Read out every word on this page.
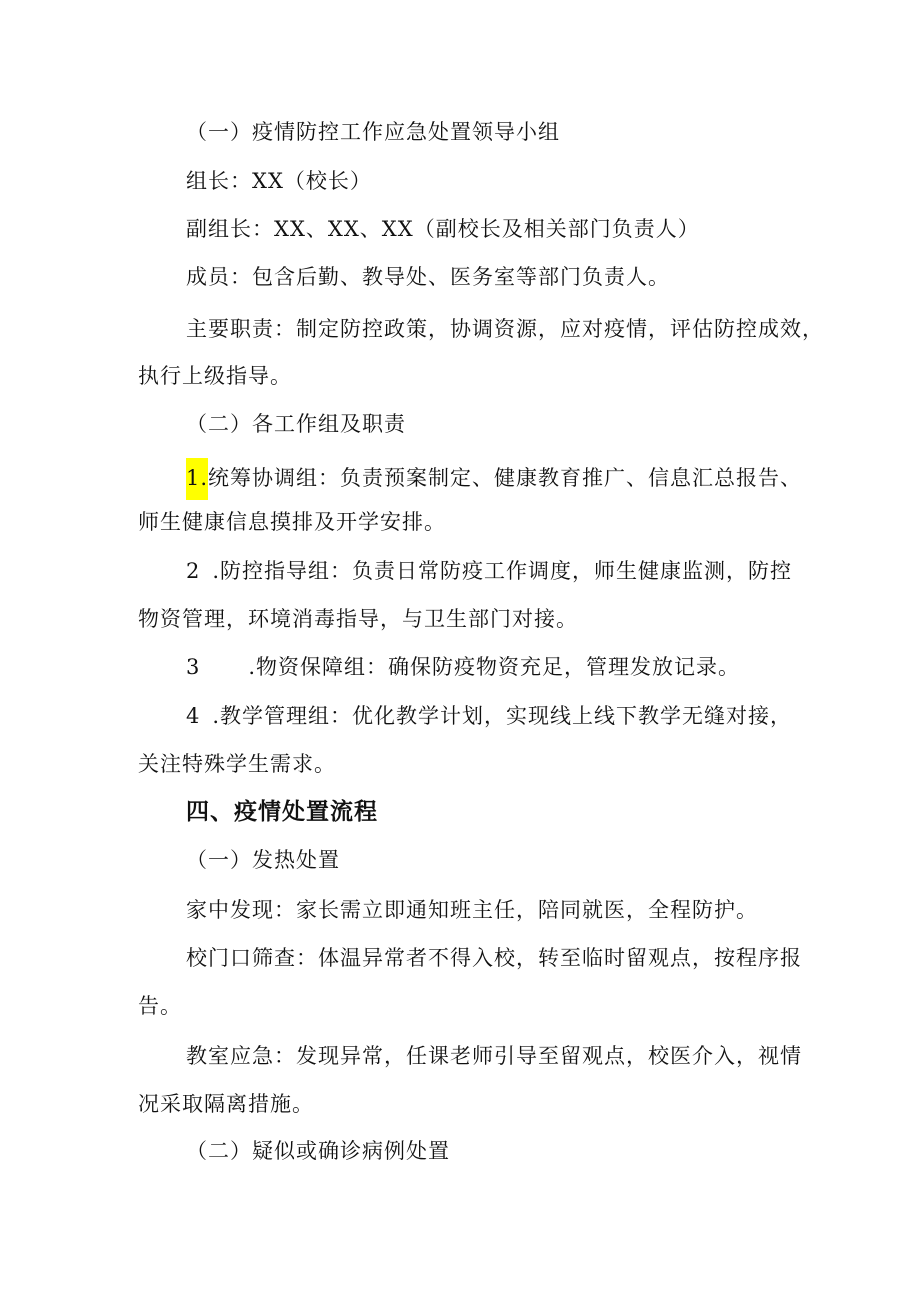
（一）疫情防控工作应急处置领导小组
组长：XX（校长）
副组长：XX、XX、XX（副校长及相关部门负责人）
成员：包含后勤、教导处、医务室等部门负责人。
主要职责：制定防控政策，协调资源，应对疫情，评估防控成效，
执行上级指导。
（二）各工作组及职责
1.统筹协调组：负责预案制定、健康教育推广、信息汇总报告、
师生健康信息摸排及开学安排。
2 .防控指导组：负责日常防疫工作调度，师生健康监测，防控
物资管理，环境消毒指导，与卫生部门对接。
3 .物资保障组：确保防疫物资充足，管理发放记录。
4 .教学管理组：优化教学计划，实现线上线下教学无缝对接，
关注特殊学生需求。
四、疫情处置流程
（一）发热处置
家中发现：家长需立即通知班主任，陪同就医，全程防护。
校门口筛查：体温异常者不得入校，转至临时留观点，按程序报
告。
教室应急：发现异常，任课老师引导至留观点，校医介入，视情
况采取隔离措施。
（二）疑似或确诊病例处置
